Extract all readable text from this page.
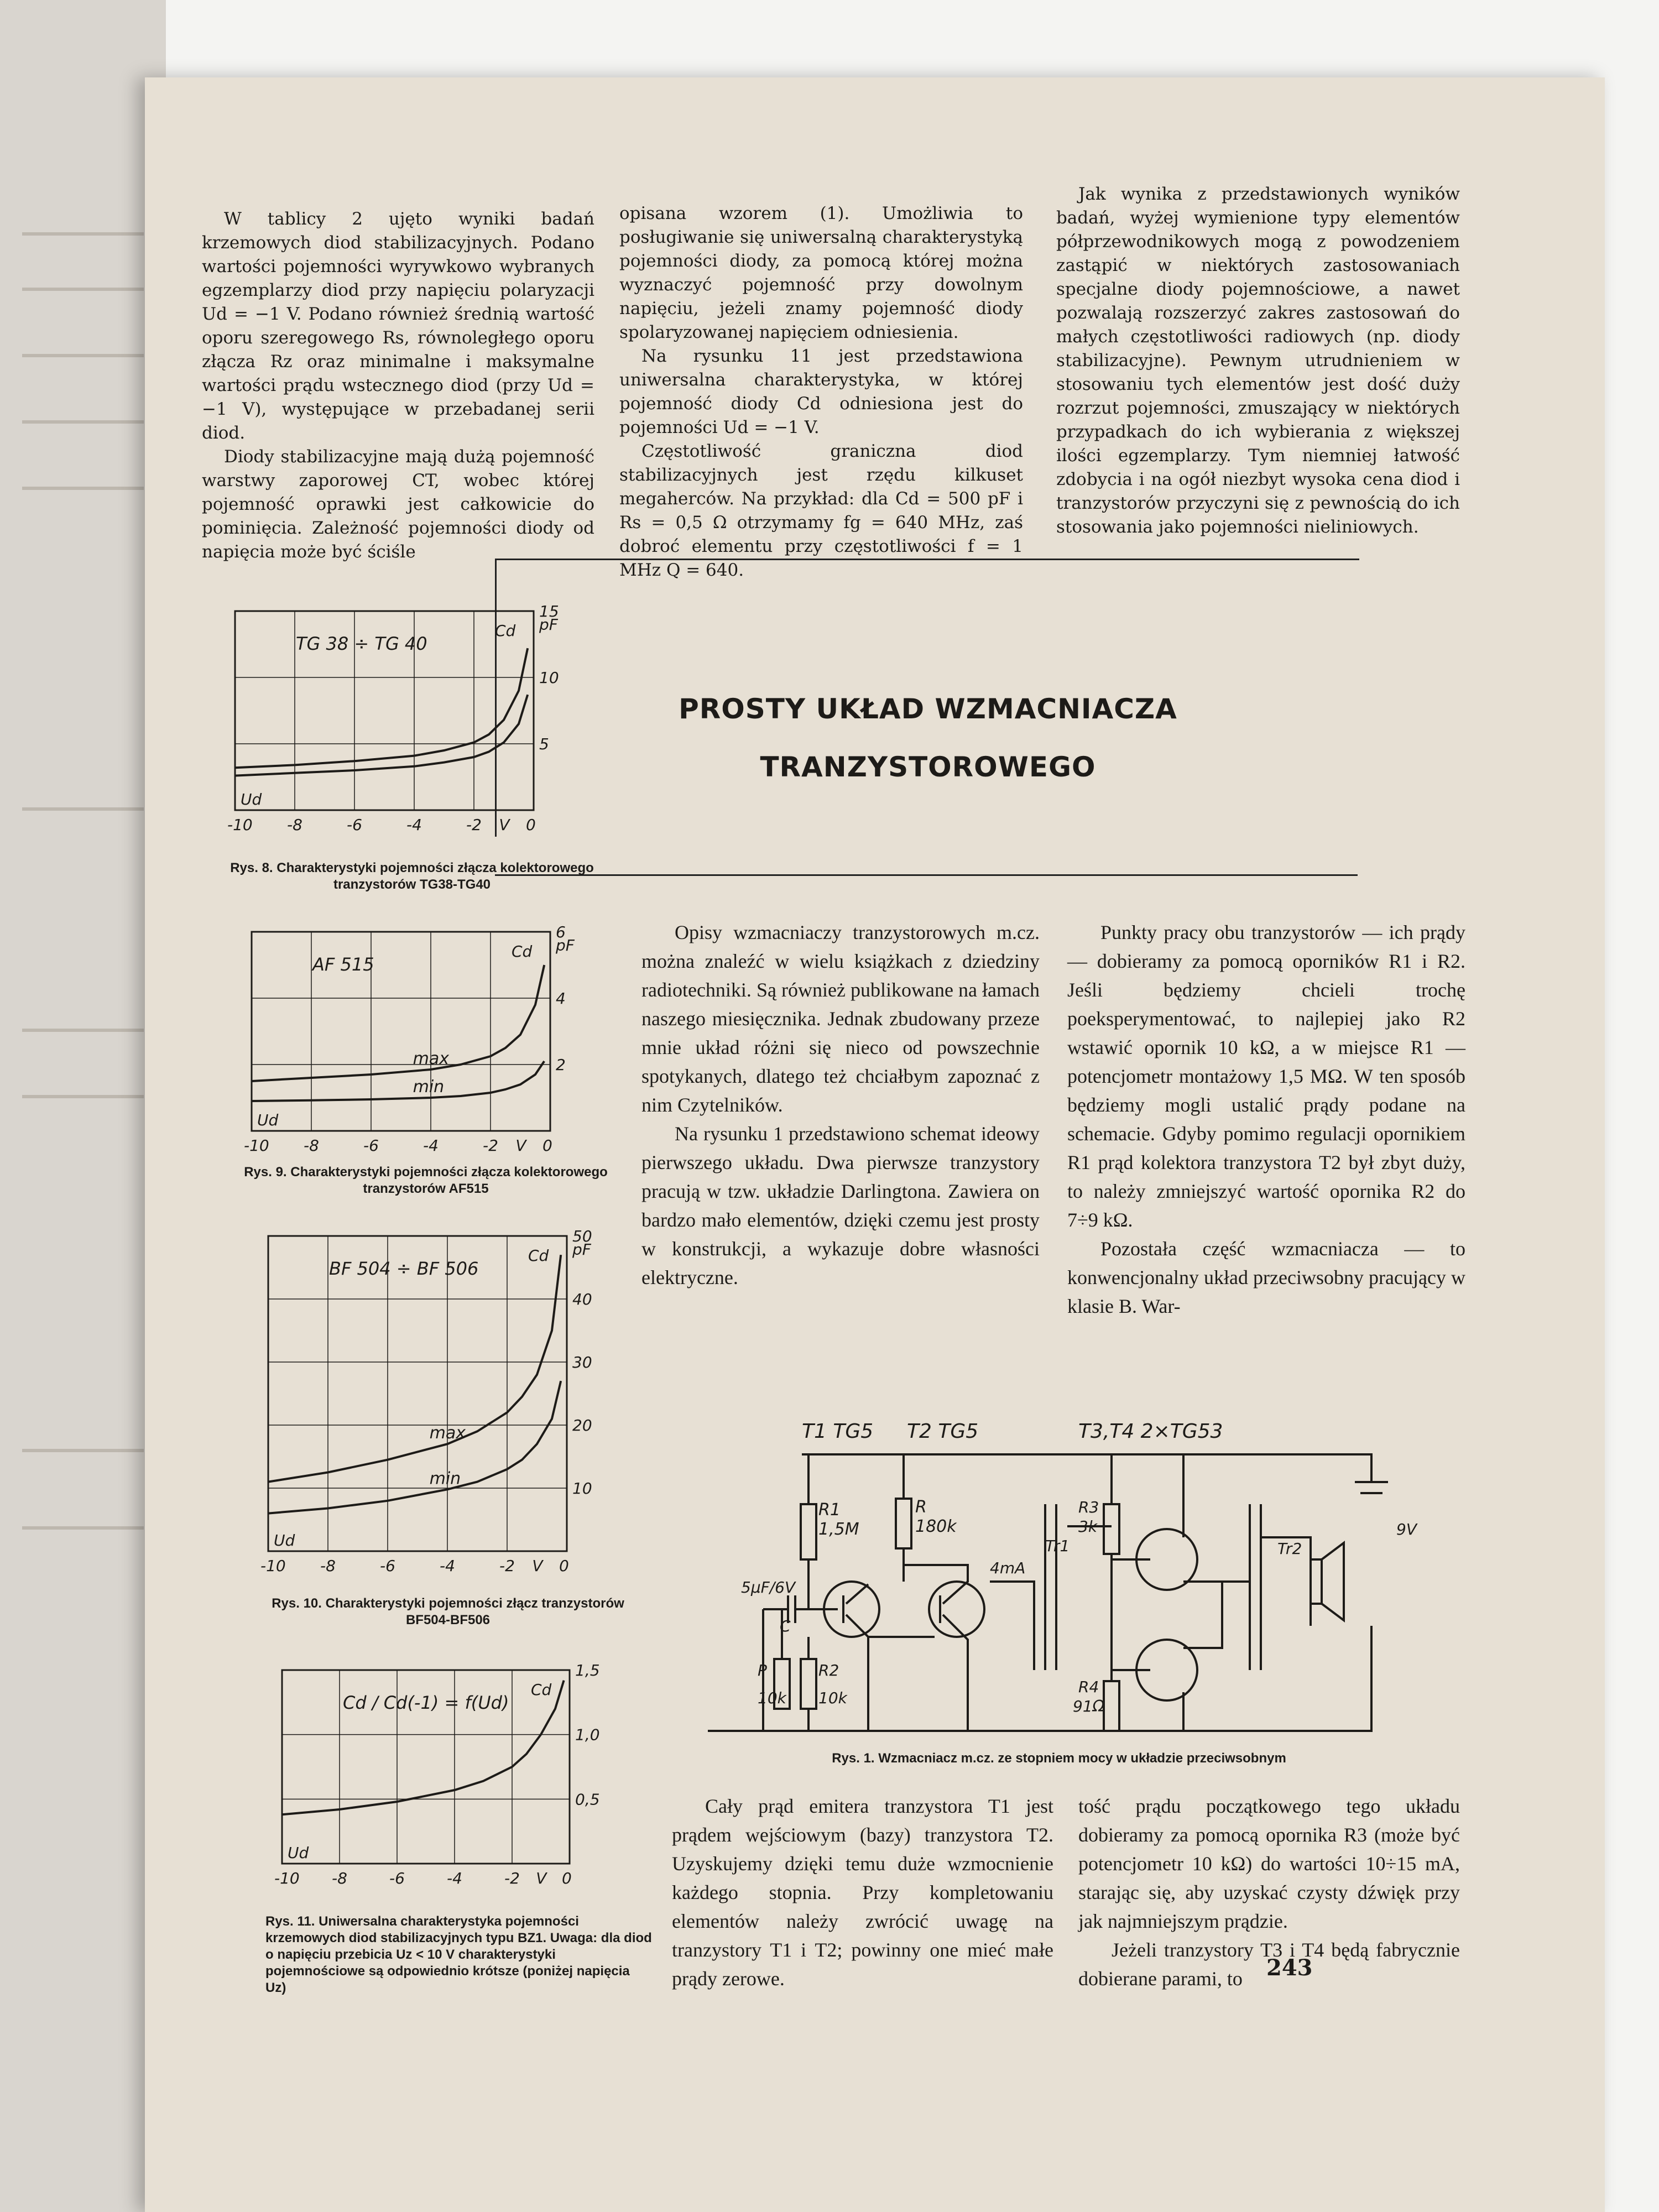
W tablicy 2 ujęto wyniki badań krzemowych diod stabilizacyjnych. Podano wartości pojemności wyrywkowo wybranych egzemplarzy diod przy napięciu polaryzacji Ud = −1 V. Podano również średnią wartość oporu szeregowego Rs, równoległego oporu złącza Rz oraz minimalne i maksymalne wartości prądu wstecznego diod (przy Ud = −1 V), występujące w przebadanej serii diod.

Diody stabilizacyjne mają dużą pojemność warstwy zaporowej CT, wobec której pojemność oprawki jest całkowicie do pominięcia. Zależność pojemności diody od napięcia może być ściśle

opisana wzorem (1). Umożliwia to posługiwanie się uniwersalną charakterystyką pojemności diody, za pomocą której można wyznaczyć pojemność przy dowolnym napięciu, jeżeli znamy pojemność diody spolaryzowanej napięciem odniesienia.

Na rysunku 11 jest przedstawiona uniwersalna charakterystyka, w której pojemność diody Cd odniesiona jest do pojemności Ud = −1 V.

Częstotliwość graniczna diod stabilizacyjnych jest rzędu kilkuset megaherców. Na przykład: dla Cd = 500 pF i Rs = 0,5 Ω otrzymamy fg = 640 MHz, zaś dobroć elementu przy częstotliwości f = 1 MHz Q = 640.

Jak wynika z przedstawionych wyników badań, wyżej wymienione typy elementów półprzewodnikowych mogą z powodzeniem zastąpić w niektórych zastosowaniach specjalne diody pojemnościowe, a nawet pozwalają rozszerzyć zakres zastosowań do małych częstotliwości radiowych (np. diody stabilizacyjne). Pewnym utrudnieniem w stosowaniu tych elementów jest dość duży rozrzut pojemności, zmuszający w niektórych przypadkach do ich wybierania z większej ilości egzemplarzy. Tym niemniej łatwość zdobycia i na ogół niezbyt wysoka cena diod i tranzystorów przyczyni się z pewnością do ich stosowania jako pojemności nieliniowych.

PROSTY UKŁAD WZMACNIACZA
TRANZYSTOROWEGO

Opisy wzmacniaczy tranzystorowych m.cz. można znaleźć w wielu książkach z dziedziny radiotechniki. Są również publikowane na łamach naszego miesięcznika. Jednak zbudowany przeze mnie układ różni się nieco od powszechnie spotykanych, dlatego też chciałbym zapoznać z nim Czytelników.

Na rysunku 1 przedstawiono schemat ideowy pierwszego układu. Dwa pierwsze tranzystory pracują w tzw. układzie Darlingtona. Zawiera on bardzo mało elementów, dzięki czemu jest prosty w konstrukcji, a wykazuje dobre własności elektryczne.

Punkty pracy obu tranzystorów — ich prądy — dobieramy za pomocą oporników R1 i R2. Jeśli będziemy chcieli trochę poeksperymentować, to najlepiej jako R2 wstawić opornik 10 kΩ, a w miejsce R1 — potencjometr montażowy 1,5 MΩ. W ten sposób będziemy mogli ustalić prądy podane na schemacie. Gdyby pomimo regulacji opornikiem R1 prąd kolektora tranzystora T2 był zbyt duży, to należy zmniejszyć wartość opornika R2 do 7÷9 kΩ.

Pozostała część wzmacniacza — to konwencjonalny układ przeciwsobny pracujący w klasie B. War-

T1 TG5 T2 TG5	T3,T4 2×TG53
R1
1,5M
R
180k
5μF/6V
C
P
10k
R2
10k
4mA
Tr1
R3
3k
R4
91Ω
Tr2
9V
Rys. 1. Wzmacniacz m.cz. ze stopniem mocy w układzie przeciwsobnym

Cały prąd emitera tranzystora T1 jest prądem wejściowym (bazy) tranzystora T2. Uzyskujemy dzięki temu duże wzmocnienie każdego stopnia. Przy kompletowaniu elementów należy zwrócić uwagę na tranzystory T1 i T2; powinny one mieć małe prądy zerowe.

tość prądu początkowego tego układu dobieramy za pomocą opornika R3 (może być potencjometr 10 kΩ) do wartości 10÷15 mA, starając się, aby uzyskać czysty dźwięk przy jak najmniejszym prądzie.

Jeżeli tranzystory T3 i T4 będą fabrycznie dobierane parami, to

-10 -8	-6	-4	-2 V 0
15
pF
10
5
TG 38 ÷ TG 40
Ud
Cd
Rys. 8. Charakterystyki pojemności złącza kolektorowego tranzystorów TG38-TG40
max
min
-10 -8	-6	-4	-2 V 0
6
pF
4
2
AF 515
Ud
Cd
Rys. 9. Charakterystyki pojemności złącza kolektorowego tranzystorów AF515
max
min
-10 -8	-6	-4	-2 V 0
50
pF
40
30
20
10
BF 504 ÷ BF 506
Ud
Cd
Rys. 10. Charakterystyki pojemności złącz tranzystorów BF504-BF506
-10 -8	-6	-4	-2 V 0
1,5
1,0
0,5
Cd / Cd(-1) = f(Ud)
Ud
Cd
Rys. 11. Uniwersalna charakterystyka pojemności krzemowych diod stabilizacyjnych typu BZ1. Uwaga: dla diod o napięciu przebicia Uz < 10 V charakterystyki pojemnościowe są odpowiednio krótsze (poniżej napięcia Uz)
243
